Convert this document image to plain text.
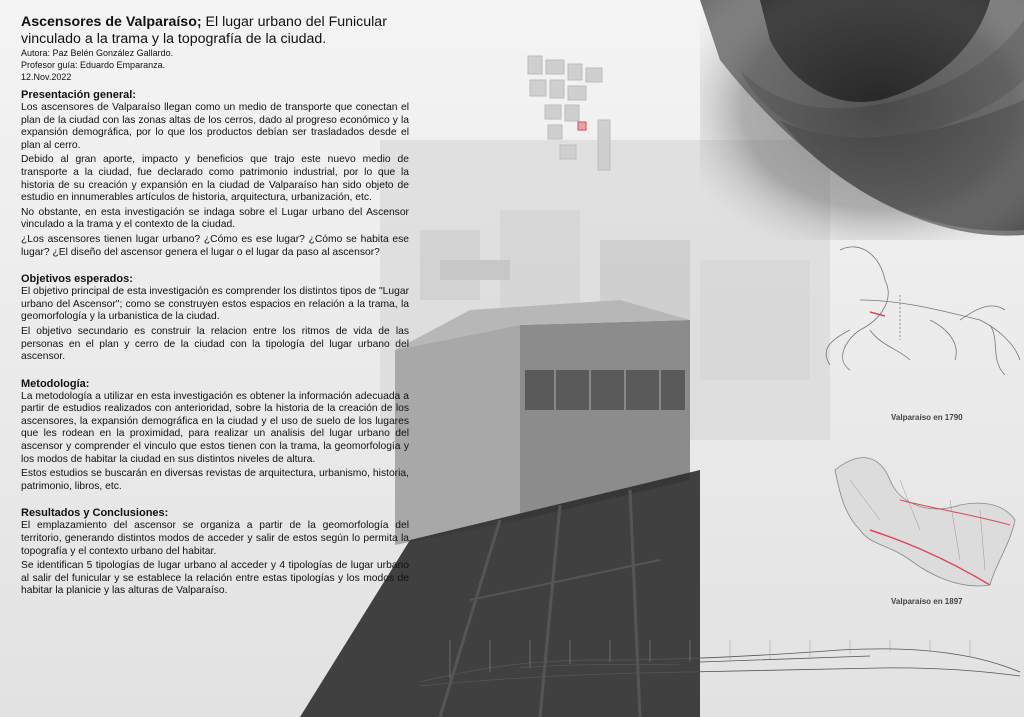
Valparaíso en 1790
Valparaíso en 1897

Ascensores de Valparaíso; El lugar urbano del Funicular vinculado a la trama y la topografía de la ciudad.

Autora: Paz Belén González Gallardo.

Profesor guía: Eduardo Emparanza.

12.Nov.2022

Presentación general:

Los ascensores de Valparaíso llegan como un medio de transporte que conectan el plan de la ciudad con las zonas altas de los cerros, dado al progreso económico y la expansión demográfica, por lo que los productos debían ser trasladados desde el plan al cerro.

Debido al gran aporte, impacto y beneficios que trajo este nuevo medio de transporte a la ciudad, fue declarado como patrimonio industrial, por lo que la historia de su creación y expansión en la ciudad de Valparaíso han sido objeto de estudio en innumerables artículos de historia, arquitectura, urbanización, etc.

No obstante, en esta investigación se indaga sobre el Lugar urbano del Ascensor vinculado a la trama y el contexto de la ciudad.

¿Los ascensores tienen lugar urbano? ¿Cómo es ese lugar? ¿Cómo se habita ese lugar? ¿El diseño del ascensor genera el lugar o el lugar da paso al ascensor?

Objetivos esperados:

El objetivo principal de esta investigación es comprender los distintos tipos de "Lugar urbano del Ascensor"; como se construyen estos espacios en relación a la trama, la geomorfología y la urbanistica de la ciudad.

El objetivo secundario es construir la relacion entre los ritmos de vida de las personas en el plan y cerro de la ciudad con la tipología del lugar urbano del ascensor.

Metodología:

La metodología a utilizar en esta investigación es obtener la información adecuada a partir de estudios realizados con anterioridad, sobre la historia de la creación de los ascensores, la expansión demográfica en la ciudad y el uso de suelo de los lugares que les rodean en la proximidad, para realizar un analisis del lugar urbano del ascensor y comprender el vinculo que estos tienen con la trama, la geomorfología y los modos de habitar la ciudad en sus distintos niveles de altura.

Estos estudios se buscarán en diversas revistas de arquitectura, urbanismo, historia, patrimonio, libros, etc.

Resultados y Conclusiones:

El emplazamiento del ascensor se organiza a partir de la geomorfología del territorio, generando distintos modos de acceder y salir de estos según lo permita la topografía y el contexto urbano del habitar.

Se identifican 5 tipologías de lugar urbano al acceder y 4 tipologías de lugar urbano al salir del funicular y se establece la relación entre estas tipologías y los modos de habitar la planicie y las alturas de Valparaíso.
